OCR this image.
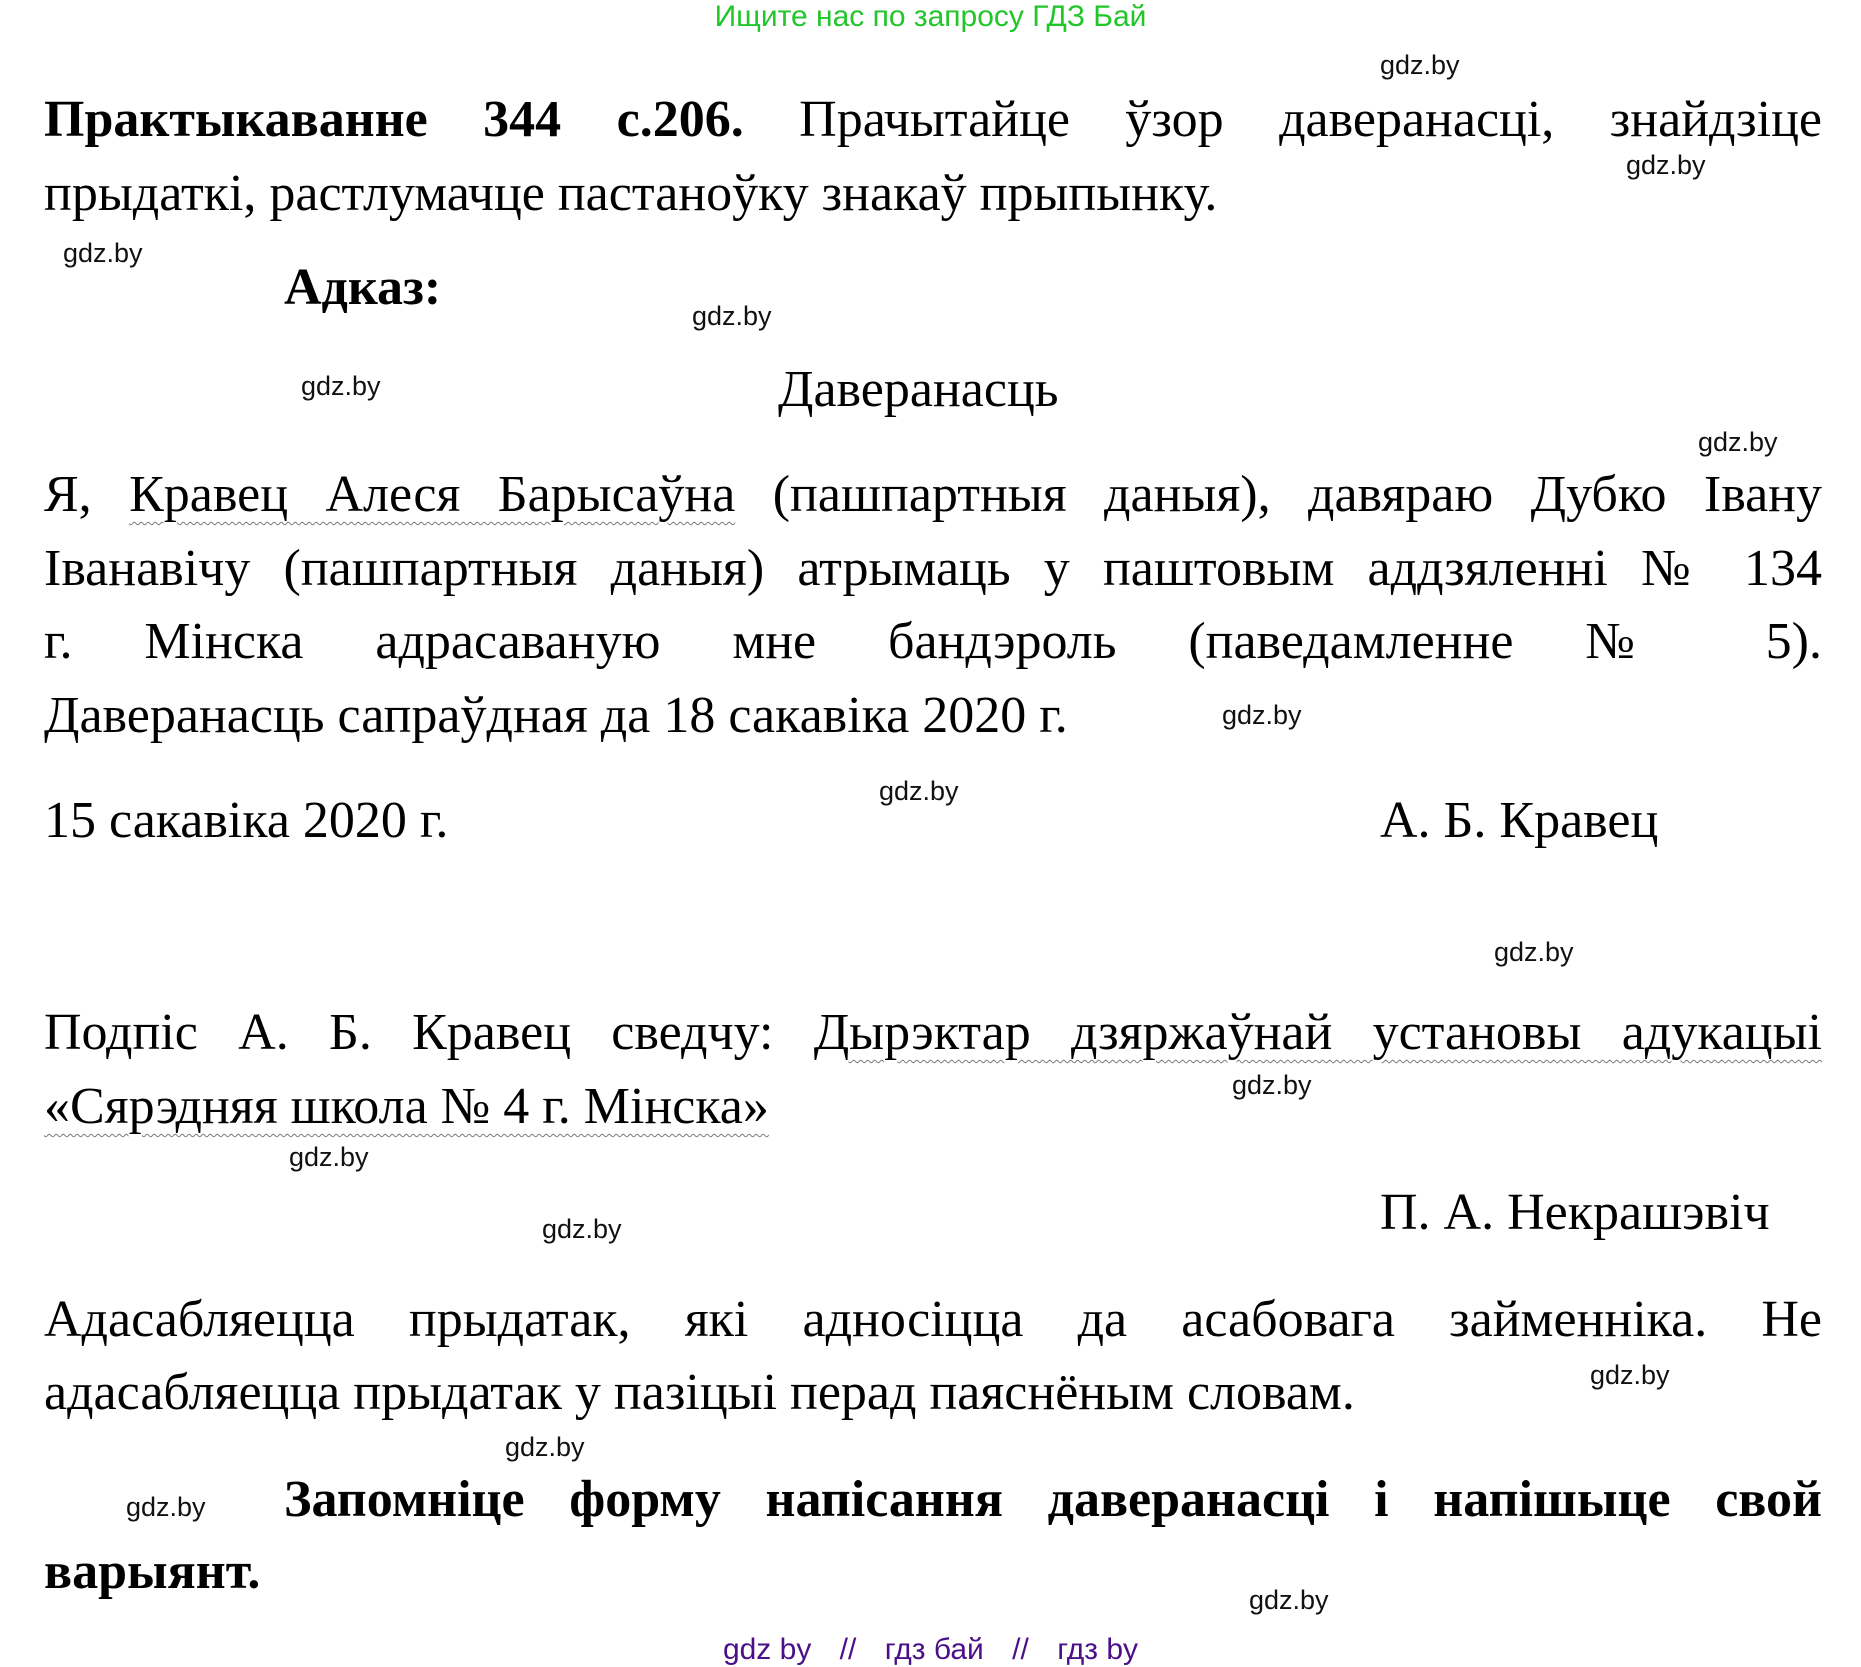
Ищите нас по запросу ГДЗ Бай
Практыкаванне 344 с.206. Прачытайце ўзор даверанасці, знайдзіце
прыдаткі, растлумачце пастаноўку знакаў прыпынку.
Адказ:
Даверанасць
Я, Кравец Алеся Барысаўна (пашпартныя даныя), давяраю Дубко Івану
Іванавічу (пашпартныя даныя) атрымаць у паштовым аддзяленні № 134
г. Мінска адрасаваную мне бандэроль (паведамленне № 5).
Даверанасць сапраўдная да 18 сакавіка 2020 г.
15 сакавіка 2020 г.	А. Б. Кравец
Подпіс А. Б. Кравец сведчу: Дырэктар дзяржаўнай установы адукацыі
«Сярэдняя школа № 4 г. Мінска»
П. А. Некрашэвіч
Адасабляецца прыдатак, які адносіцца да асабовага займенніка. Не
адасабляецца прыдатак у пазіцыі перад паяснёным словам.
Запомніце форму напісання даверанасці і напішыце свой
варыянт.
gdz.by
gdz.by
gdz.by
gdz.by
gdz.by
gdz.by
gdz.by
gdz.by
gdz.by
gdz.by
gdz.by
gdz.by
gdz.by
gdz.by
gdz.by
gdz.by
gdz by // гдз бай // гдз by
